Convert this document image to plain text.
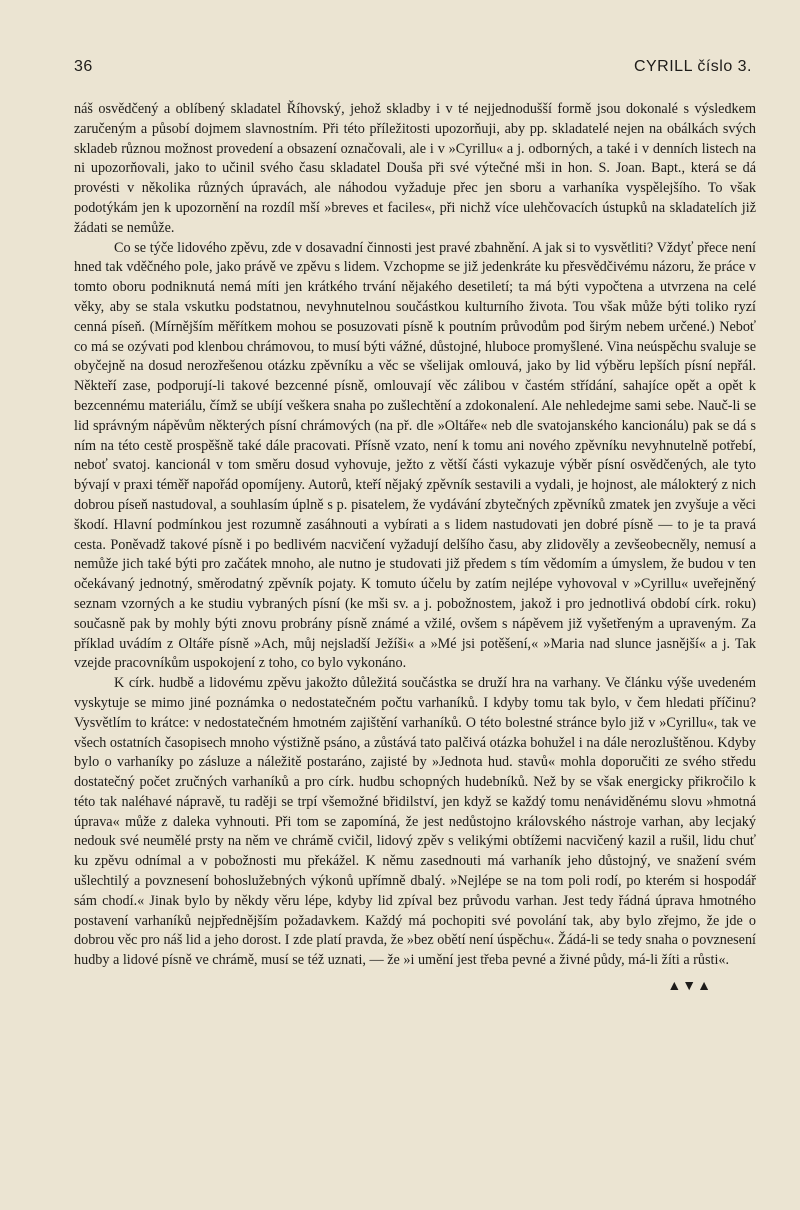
36	CYRILL číslo 3.

náš osvědčený a oblíbený skladatel Říhovský, jehož skladby i v té nejjednodušší formě jsou dokonalé s výsledkem zaručeným a působí dojmem slavnostním. Při této příležitosti upozorňuji, aby pp. skladatelé nejen na obálkách svých skladeb různou možnost provedení a obsazení označovali, ale i v »Cyrillu« a j. odborných, a také i v denních listech na ni upozorňovali, jako to učinil svého času skladatel Douša při své výtečné mši in hon. S. Joan. Bapt., která se dá provésti v několika různých úpravách, ale náhodou vyžaduje přec jen sboru a varhaníka vyspělejšího. To však podotýkám jen k upozornění na rozdíl mší »breves et faciles«, při nichž více ulehčovacích ústupků na skladatelích již žádati se nemůže.

Co se týče lidového zpěvu, zde v dosavadní činnosti jest pravé zbahnění. A jak si to vysvětliti? Vždyť přece není hned tak vděčného pole, jako právě ve zpěvu s lidem. Vzchopme se již jedenkráte ku přesvědčivému názoru, že práce v tomto oboru podniknutá nemá míti jen krátkého trvání nějakého desetiletí; ta má býti vypočtena a utvrzena na celé věky, aby se stala vskutku podstatnou, nevyhnutelnou součástkou kulturního života. Tou však může býti toliko ryzí cenná píseň. (Mírnějším měřítkem mohou se posuzovati písně k poutním průvodům pod širým nebem určené.) Neboť co má se ozývati pod klenbou chrámovou, to musí býti vážné, důstojné, hluboce promyšlené. Vina neúspěchu svaluje se obyčejně na dosud nerozřešenou otázku zpěvníku a věc se všelijak omlouvá, jako by lid výběru lepších písní nepřál. Někteří zase, podporují-li takové bezcenné písně, omlouvají věc zálibou v častém střídání, sahajíce opět a opět k bezcennému materiálu, čímž se ubíjí veškera snaha po zušlechtění a zdokonalení. Ale nehledejme sami sebe. Nauč-li se lid správným nápěvům některých písní chrámových (na př. dle »Oltáře« neb dle svatojanského kancionálu) pak se dá s ním na této cestě prospěšně také dále pracovati. Přísně vzato, není k tomu ani nového zpěvníku nevyhnutelně potřebí, neboť svatoj. kancionál v tom směru dosud vyhovuje, ježto z větší části vykazuje výběr písní osvědčených, ale tyto bývají v praxi téměř napořád opomíjeny. Autorů, kteří nějaký zpěvník sestavili a vydali, je hojnost, ale málokterý z nich dobrou píseň nastudoval, a souhlasím úplně s p. pisatelem, že vydávání zbytečných zpěvníků zmatek jen zvyšuje a věci škodí. Hlavní podmínkou jest rozumně zasáhnouti a vybírati a s lidem nastudovati jen dobré písně — to je ta pravá cesta. Poněvadž takové písně i po bedlivém nacvičení vyžadují delšího času, aby zlidověly a zevšeobecněly, nemusí a nemůže jich také býti pro začátek mnoho, ale nutno je studovati již předem s tím vědomím a úmyslem, že budou v ten očekávaný jednotný, směrodatný zpěvník pojaty. K tomuto účelu by zatím nejlépe vyhovoval v »Cyrillu« uveřejněný seznam vzorných a ke studiu vybraných písní (ke mši sv. a j. pobožnostem, jakož i pro jednotlivá období círk. roku) současně pak by mohly býti znovu probrány písně známé a vžilé, ovšem s nápěvem již vyšetřeným a upraveným. Za příklad uvádím z Oltáře písně »Ach, můj nejsladší Ježíši« a »Mé jsi potěšení,« »Maria nad slunce jasnější« a j. Tak vzejde pracovníkům uspokojení z toho, co bylo vykonáno.

K círk. hudbě a lidovému zpěvu jakožto důležitá součástka se druží hra na varhany. Ve článku výše uvedeném vyskytuje se mimo jiné poznámka o nedostatečném počtu varhaníků. I kdyby tomu tak bylo, v čem hledati příčinu? Vysvětlím to krátce: v nedostatečném hmotném zajištění varhaníků. O této bolestné stránce bylo již v »Cyrillu«, tak ve všech ostatních časopisech mnoho výstižně psáno, a zůstává tato palčivá otázka bohužel i na dále nerozluštěnou. Kdyby bylo o varhaníky po zásluze a náležitě postaráno, zajisté by »Jednota hud. stavů« mohla doporučiti ze svého středu dostatečný počet zručných varhaníků a pro círk. hudbu schopných hudebníků. Než by se však energicky přikročilo k této tak naléhavé nápravě, tu raději se trpí všemožné břidilství, jen když se každý tomu nenáviděnému slovu »hmotná úprava« může z daleka vyhnouti. Při tom se zapomíná, že jest nedůstojno královského nástroje varhan, aby lecjaký nedouk své neumělé prsty na něm ve chrámě cvičil, lidový zpěv s velikými obtížemi nacvičený kazil a rušil, lidu chuť ku zpěvu odnímal a v pobožnosti mu překážel. K němu zasednouti má varhaník jeho důstojný, ve snažení svém ušlechtilý a povznesení bohoslužebných výkonů upřímně dbalý. »Nejlépe se na tom poli rodí, po kterém si hospodář sám chodí.« Jinak bylo by někdy věru lépe, kdyby lid zpíval bez průvodu varhan. Jest tedy řádná úprava hmotného postavení varhaníků nejpřednějším požadavkem. Každý má pochopiti své povolání tak, aby bylo zřejmo, že jde o dobrou věc pro náš lid a jeho dorost. I zde platí pravda, že »bez obětí není úspěchu«. Žádá-li se tedy snaha o povznesení hudby a lidové písně ve chrámě, musí se též uznati, — že »i umění jest třeba pevné a živné půdy, má-li žíti a růsti«.

▲▼▲
